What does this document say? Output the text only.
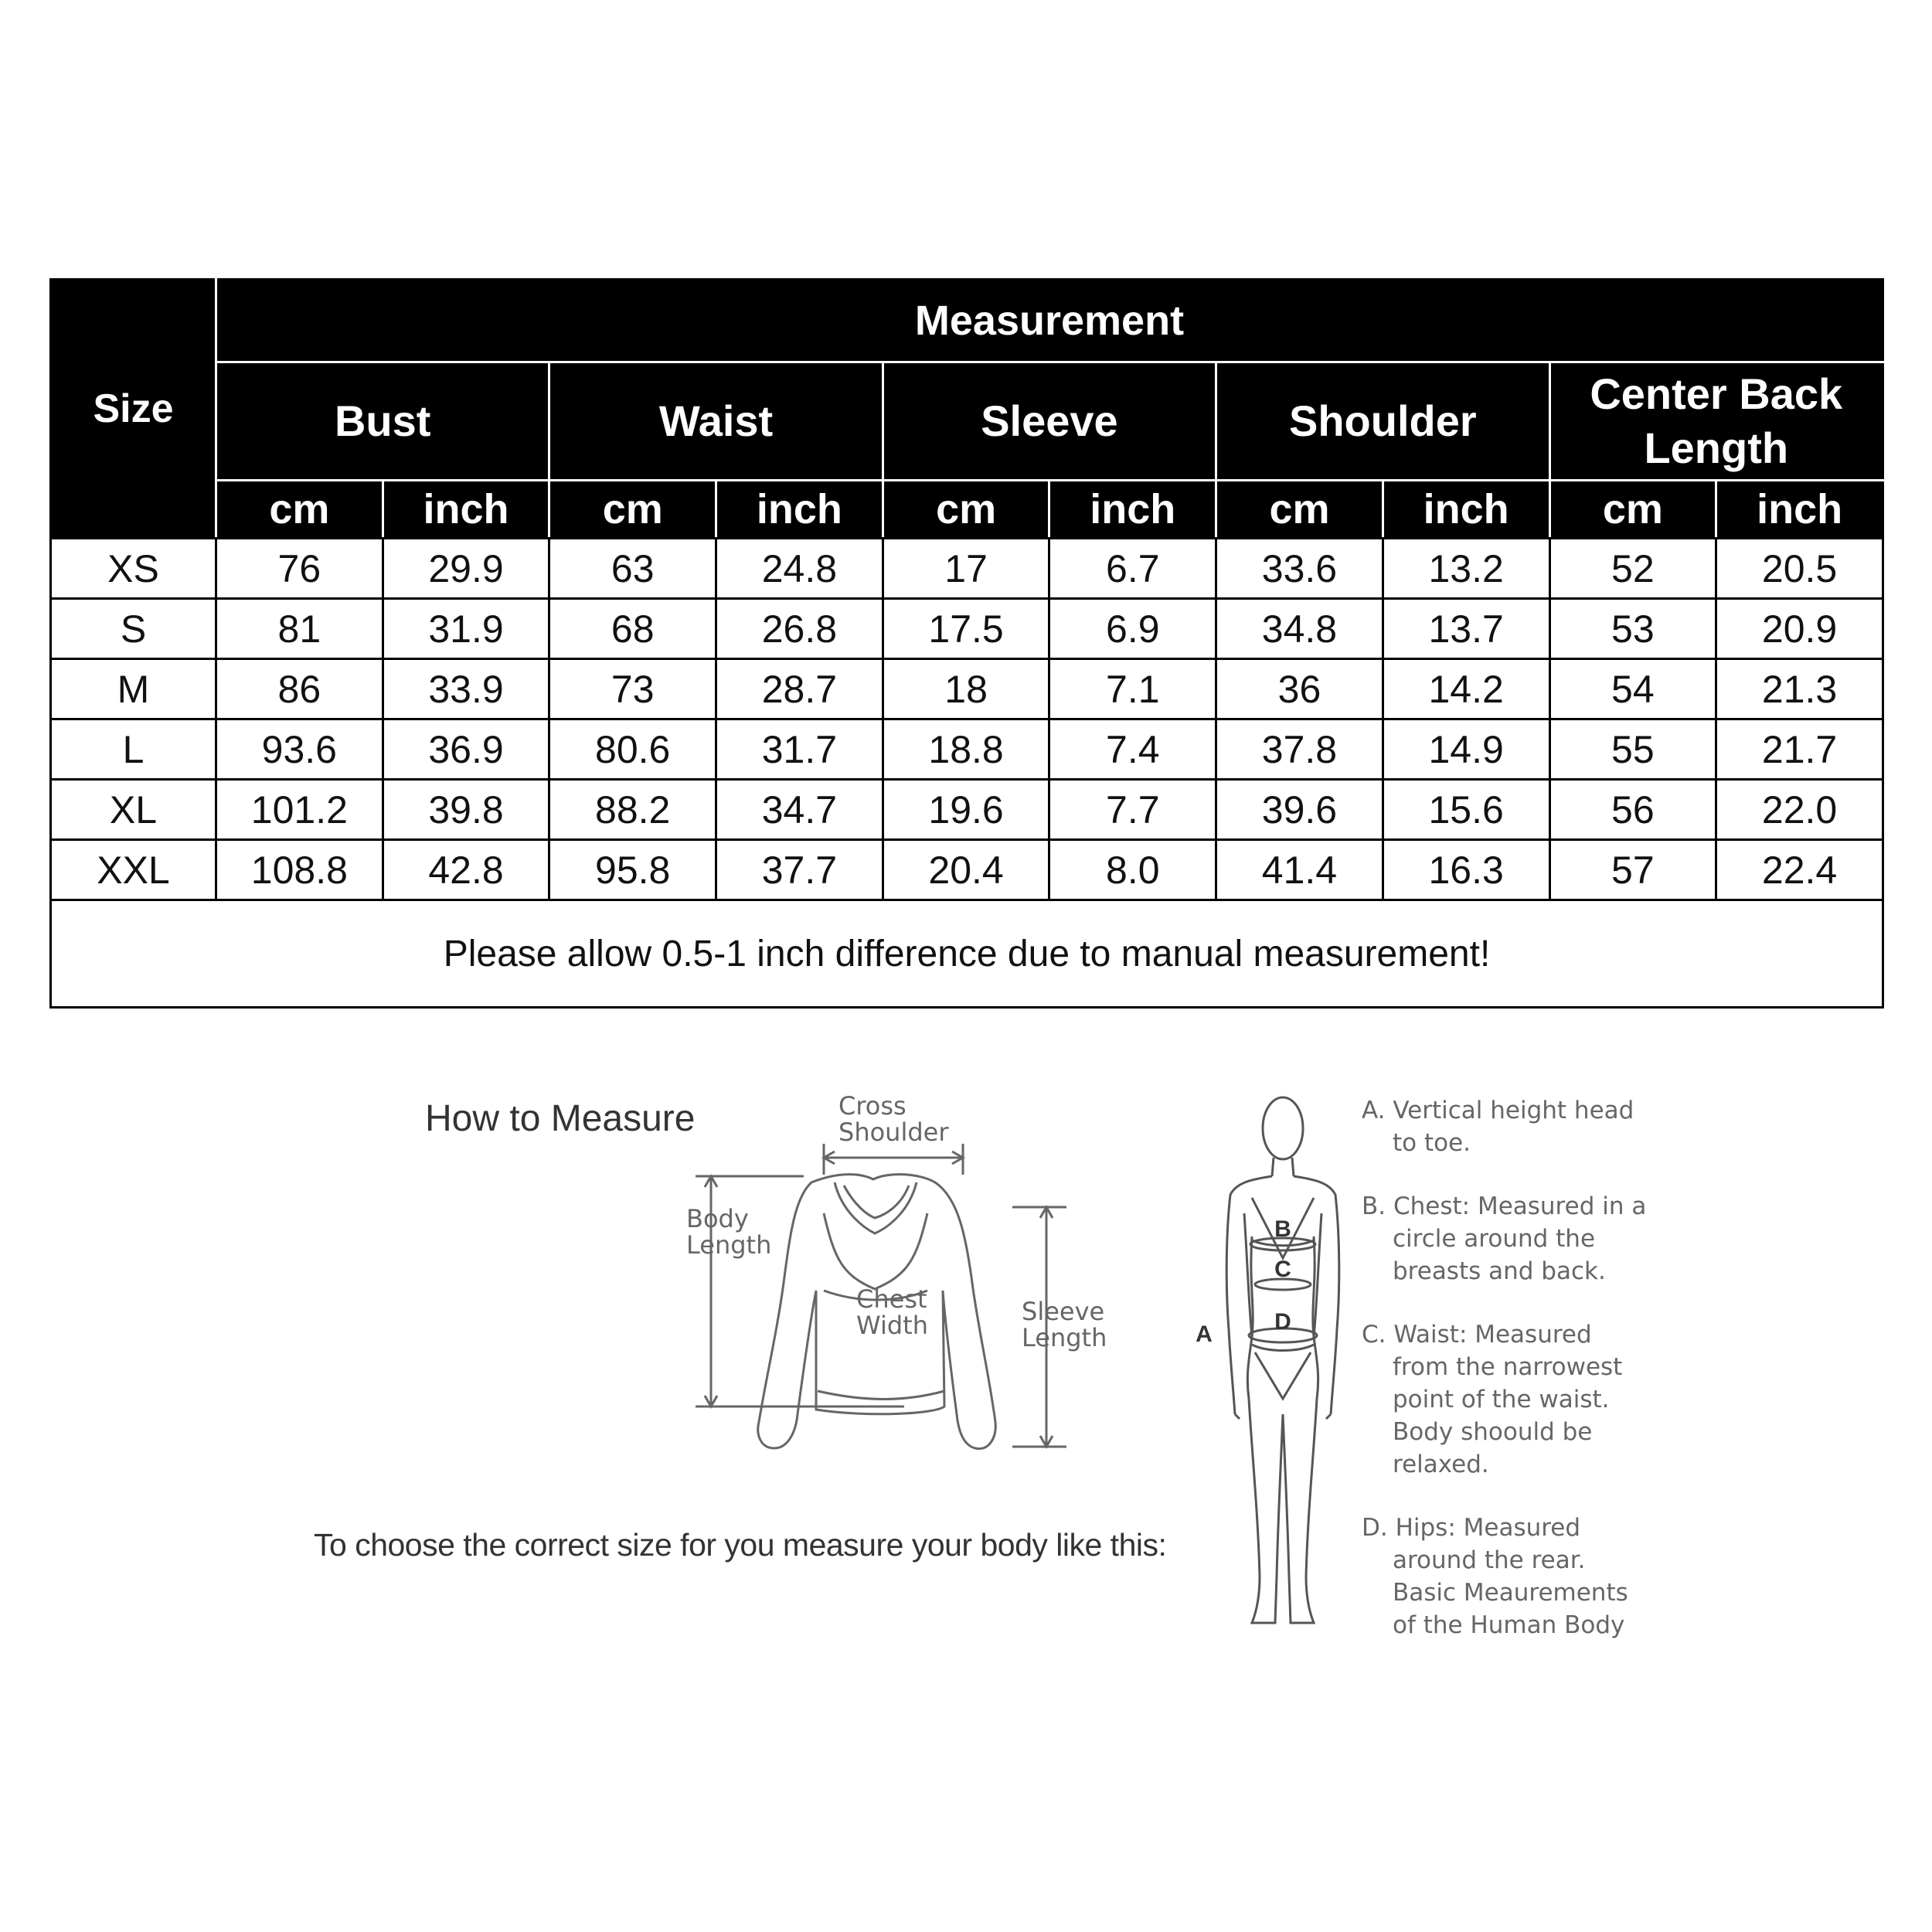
Size	Measurement									
	Bust		Waist		Sleeve		Shoulder		Center Back Length	
	cm	inch	cm	inch	cm	inch	cm	inch	cm	inch
XS	76	29.9	63	24.8	17	6.7	33.6	13.2	52	20.5
S	81	31.9	68	26.8	17.5	6.9	34.8	13.7	53	20.9
M	86	33.9	73	28.7	18	7.1	36	14.2	54	21.3
L	93.6	36.9	80.6	31.7	18.8	7.4	37.8	14.9	55	21.7
XL	101.2	39.8	88.2	34.7	19.6	7.7	39.6	15.6	56	22.0
XXL	108.8	42.8	95.8	37.7	20.4	8.0	41.4	16.3	57	22.4
Please allow 0.5-1 inch difference due to manual measurement!										
How to Measure	Cross
Shoulder
Body
Length
Chest
Width	Sleeve
Length
To choose the correct size for you measure your body like this:
B
C
D
A
A. Vertical height head
to toe.
B. Chest: Measured in a
circle around the
breasts and back.
C. Waist: Measured
from the narrowest
point of the waist.
Body shoould be
relaxed.
D. Hips: Measured
around the rear.
Basic Meaurements
of the Human Body
